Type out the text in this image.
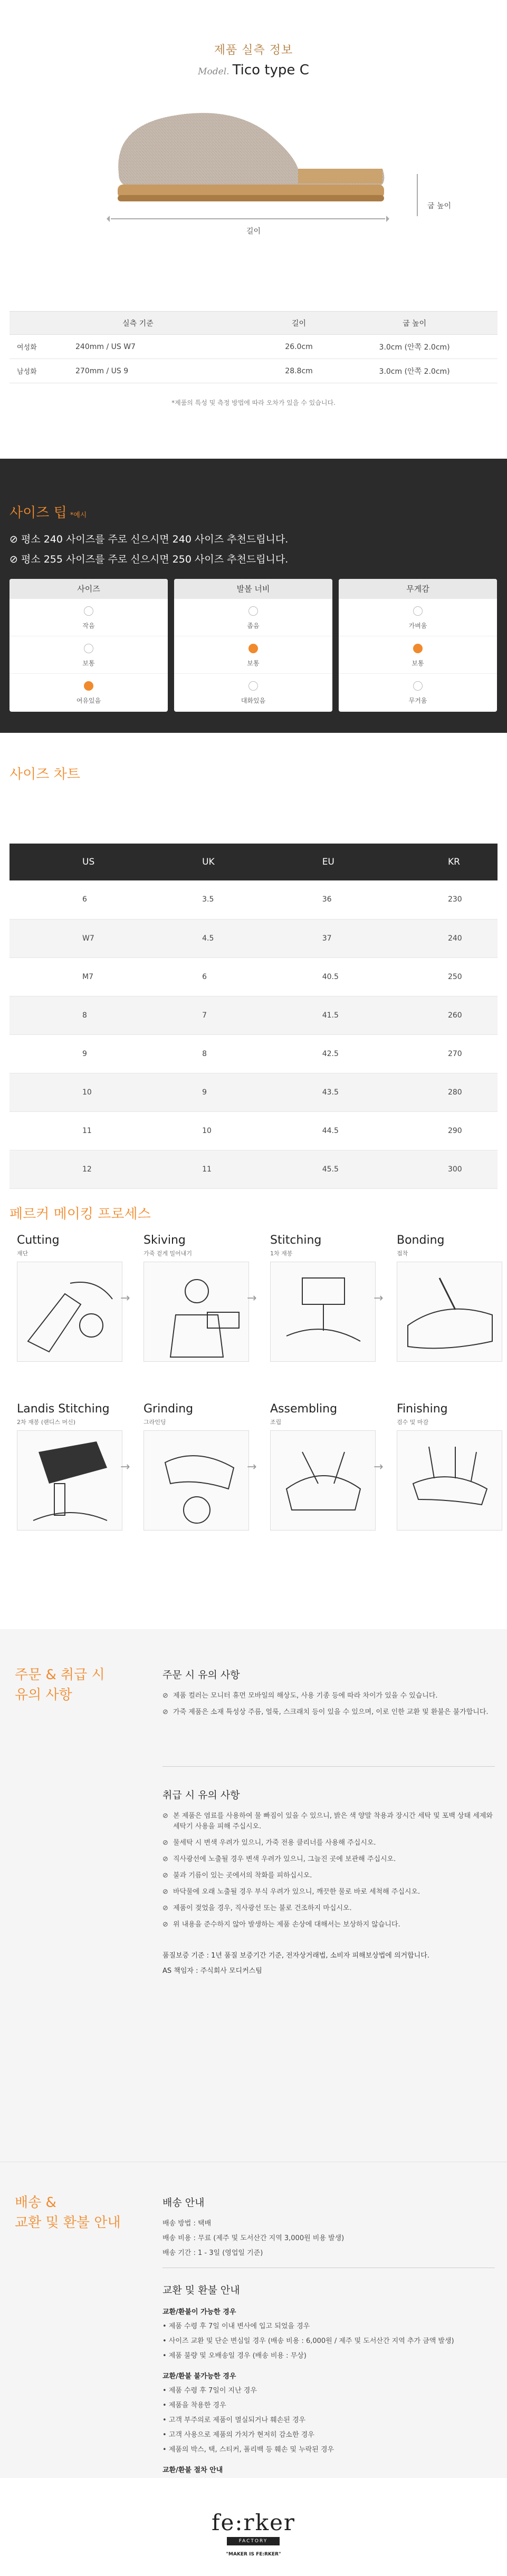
제품 실측 정보
Model. Tico type C
길이
굽 높이
실측 기준		길이	굽 높이
여성화	240mm / US W7	26.0cm	3.0cm (안쪽 2.0cm)
남성화	270mm / US 9	28.8cm	3.0cm (안쪽 2.0cm)
*제품의 특성 및 측정 방법에 따라 오차가 있을 수 있습니다.
사이즈 팁 *예시
⊘ 평소 240 사이즈를 주로 신으시면 240 사이즈 추천드립니다.
⊘ 평소 255 사이즈를 주로 신으시면 250 사이즈 추천드립니다.
사이즈
작음
보통
여유있음
발볼 너비
좁음
보통
대화있음
무게감
가벼움
보통
무거움
사이즈 차트
US	UK	EU	KR
6	3.5	36	230
W7	4.5	37	240
M7	6	40.5	250
8	7	41.5	260
9	8	42.5	270
10	9	43.5	280
11	10	44.5	290
12	11	45.5	300
페르커 메이킹 프로세스
Cutting
재단
→
Skiving
가죽 겉게 밀어내기
→
Stitching
1차 재봉
→
Bonding
접착
Landis Stitching
2차 재봉 (랜디스 머신)
→
Grinding
그라인딩
→
Assembling
조립
→
Finishing
검수 및 마감
주문 & 취급 시
유의 사항
주문 시 유의 사항
⊘ 제품 컬러는 모니터 휴먼 모바일의 해상도, 사용 기종 등에 따라 차이가 있을 수 있습니다.
⊘ 가죽 제품은 소재 특성상 주름, 얼룩, 스크래치 등이 있을 수 있으며, 이로 인한 교환 및 환불은 불가합니다.
취급 시 유의 사항
⊘ 본 제품은 염료를 사용하여 물 빠짐이 있을 수 있으니, 밝은 색 양말 착용과 장시간 세탁 및 포백 상태 세제와 세탁기 사용을 피해 주십시오.
⊘ 물세탁 시 변색 우려가 있으니, 가죽 전용 클리너를 사용해 주십시오.
⊘ 직사광선에 노출될 경우 변색 우려가 있으니, 그늘진 곳에 보관해 주십시오.
⊘ 불과 기름이 있는 곳에서의 착화를 피하십시오.
⊘ 바닥물에 오래 노출될 경우 부식 우려가 있으니, 깨끗한 물로 바로 세척해 주십시오.
⊘ 제품이 젖었을 경우, 직사광선 또는 불로 건조하지 마십시오.
⊘ 위 내용을 준수하지 않아 발생하는 제품 손상에 대해서는 보상하지 않습니다.
품질보증 기준 : 1년 품질 보증기간 기준, 전자상거래법, 소비자 피해보상법에 의거합니다.
AS 책임자 : 주식회사 모디커스팀
배송 &
교환 및 환불 안내
배송 안내
배송 방법 : 택배
배송 비용 : 무료 (제주 및 도서산간 지역 3,000원 비용 발생)
배송 기간 : 1 - 3일 (영업일 기준)
교환 및 환불 안내
교환/환불이 가능한 경우
• 제품 수령 후 7일 이내 변사에 입고 되었을 경우
• 사이즈 교환 및 단순 변심일 경우 (배송 비용 : 6,000원 / 제주 및 도서산간 지역 추가 금액 발생)
• 제품 불량 및 오배송일 경우 (배송 비용 : 무상)
교환/환불 불가능한 경우
• 제품 수령 후 7일이 지난 경우
• 제품을 착용한 경우
• 고객 부주의로 제품이 멸실되거나 훼손된 경우
• 고객 사용으로 제품의 가치가 현저히 감소한 경우
• 제품의 박스, 택, 스티커, 폴리백 등 훼손 및 누락된 경우
교환/환불 절차 안내
fe:rker
FACTORY
"MAKER IS FE:RKER"
